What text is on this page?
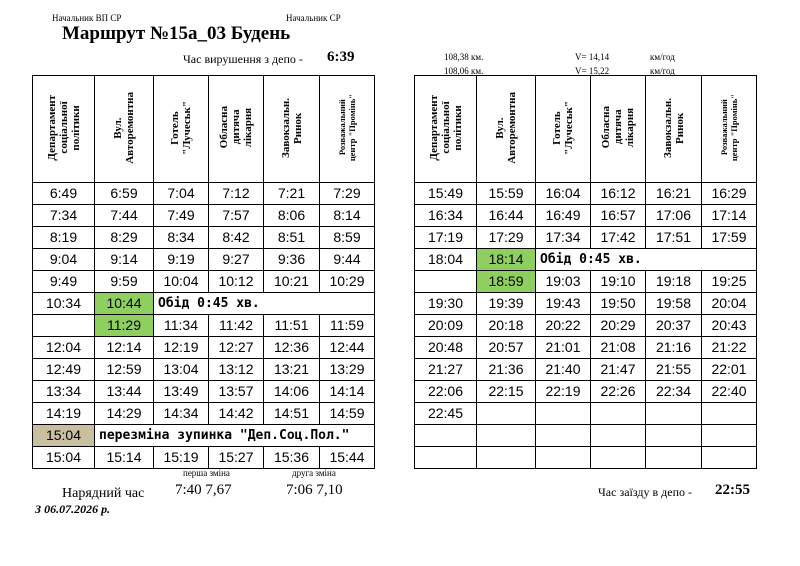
Начальник ВП СР	Начальник СР
Маршрут №15а_03 Будень
Час вирушення з депо - 6:39	108,38 км.
108,06 км.
V= 14,14
V= 15,22
км/год
км/год
Департамент
соціальної
політики	Вул.
Авторемонтна	Готель
"Лучеськ"	Обласна
дитяча
лікарня	Завокзальн.
Ринок	Розважальний
центр "Промінь"
6:49	6:59	7:04	7:12	7:21	7:29
7:34	7:44	7:49	7:57	8:06	8:14
8:19	8:29	8:34	8:42	8:51	8:59
9:04	9:14	9:19	9:27	9:36	9:44
9:49	9:59	10:04	10:12	10:21	10:29
10:34	10:44	Обід 0:45 хв.			
	11:29	11:34	11:42	11:51	11:59
12:04	12:14	12:19	12:27	12:36	12:44
12:49	12:59	13:04	13:12	13:21	13:29
13:34	13:44	13:49	13:57	14:06	14:14
14:19	14:29	14:34	14:42	14:51	14:59
15:04	перезміна зупинка "Деп.Соц.Пол."				
15:04	15:14	15:19	15:27	15:36	15:44
Департамент
соціальної
політики	Вул.
Авторемонтна	Готель
"Лучеськ"	Обласна
дитяча
лікарня	Завокзальн.
Ринок	Розважальний
центр "Промінь"
15:49	15:59	16:04	16:12	16:21	16:29
16:34	16:44	16:49	16:57	17:06	17:14
17:19	17:29	17:34	17:42	17:51	17:59
18:04	18:14	Обід 0:45 хв.			
	18:59	19:03	19:10	19:18	19:25
19:30	19:39	19:43	19:50	19:58	20:04
20:09	20:18	20:22	20:29	20:37	20:43
20:48	20:57	21:01	21:08	21:16	21:22
21:27	21:36	21:40	21:47	21:55	22:01
22:06	22:15	22:19	22:26	22:34	22:40
22:45					

перша зміна	друга зміна
Нарядний час 7:40 7,67	7:06 7,10	Час заїзду в депо - 22:55
З 06.07.2026 р.
